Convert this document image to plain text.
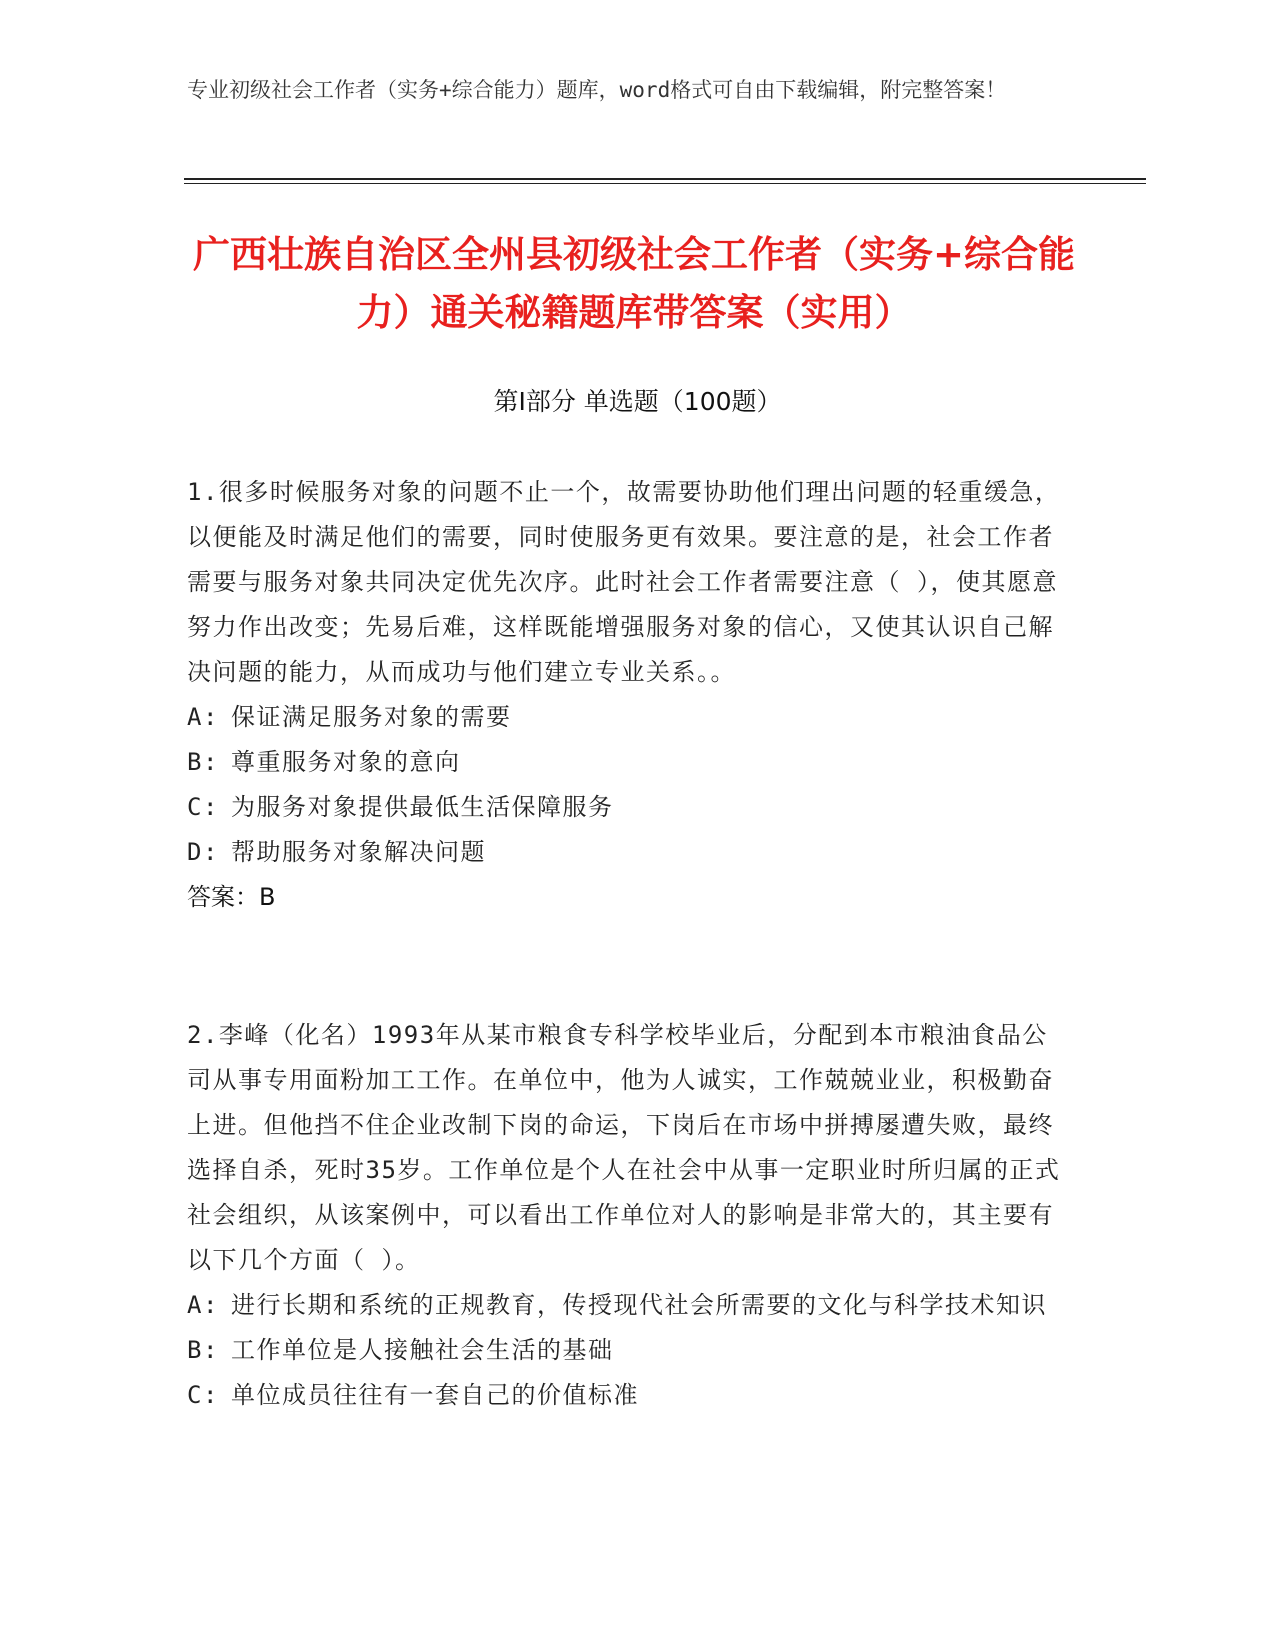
专业初级社会工作者（实务+综合能力）题库，word格式可自由下载编辑，附完整答案！
广西壮族自治区全州县初级社会工作者（实务+综合能力）通关秘籍题库带答案（实用）
第Ⅰ部分 单选题（100题）
1.很多时候服务对象的问题不止一个，故需要协助他们理出问题的轻重缓急，以便能及时满足他们的需要，同时使服务更有效果。要注意的是，社会工作者需要与服务对象共同决定优先次序。此时社会工作者需要注意（ ），使其愿意努力作出改变；先易后难，这样既能增强服务对象的信心，又使其认识自己解决问题的能力，从而成功与他们建立专业关系。。
A: 保证满足服务对象的需要
B: 尊重服务对象的意向
C: 为服务对象提供最低生活保障服务
D: 帮助服务对象解决问题
答案：B
2.李峰（化名）1993年从某市粮食专科学校毕业后，分配到本市粮油食品公司从事专用面粉加工工作。在单位中，他为人诚实，工作兢兢业业，积极勤奋上进。但他挡不住企业改制下岗的命运，下岗后在市场中拼搏屡遭失败，最终选择自杀，死时35岁。工作单位是个人在社会中从事一定职业时所归属的正式社会组织，从该案例中，可以看出工作单位对人的影响是非常大的，其主要有以下几个方面（ ）。
A: 进行长期和系统的正规教育，传授现代社会所需要的文化与科学技术知识
B: 工作单位是人接触社会生活的基础
C: 单位成员往往有一套自己的价值标准
